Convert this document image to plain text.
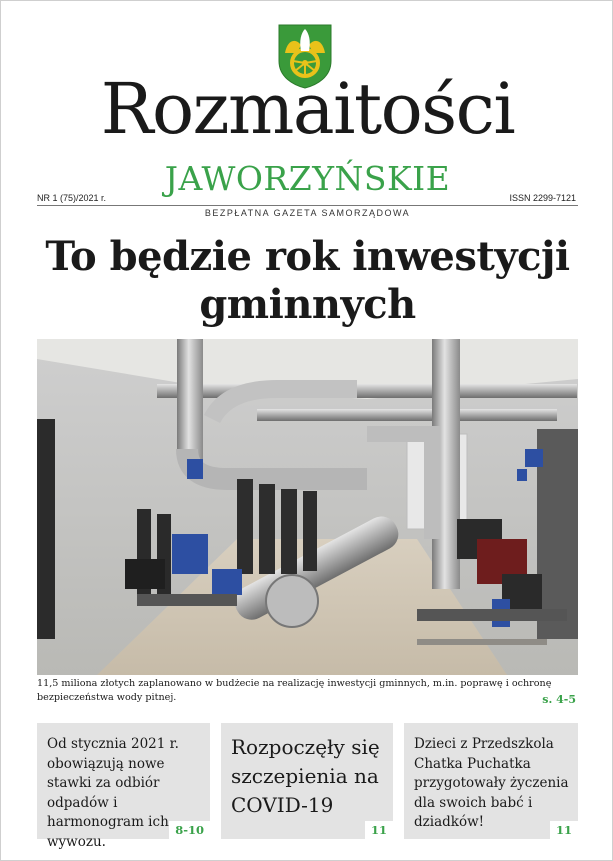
Rozmaitości
JAWORZYŃSKIE
NR 1 (75)/2021 r.	ISSN 2299-7121
BEZPŁATNA GAZETA SAMORZĄDOWA
To będzie rok inwestycji gminnych

11,5 miliona złotych zaplanowano w budżecie na realizację inwestycji gminnych, m.in. poprawę i ochronę bezpieczeństwa wody pitnej.	s. 4-5

Od stycznia 2021 r. obowiązują nowe stawki za odbiór odpadów i harmonogram ich wywozu.

8-10

Rozpoczęły się szczepienia na COVID-19

11

Dzieci z Przedszkola Chatka Puchatka przygotowały życzenia dla swoich babć i dziadków!	11
